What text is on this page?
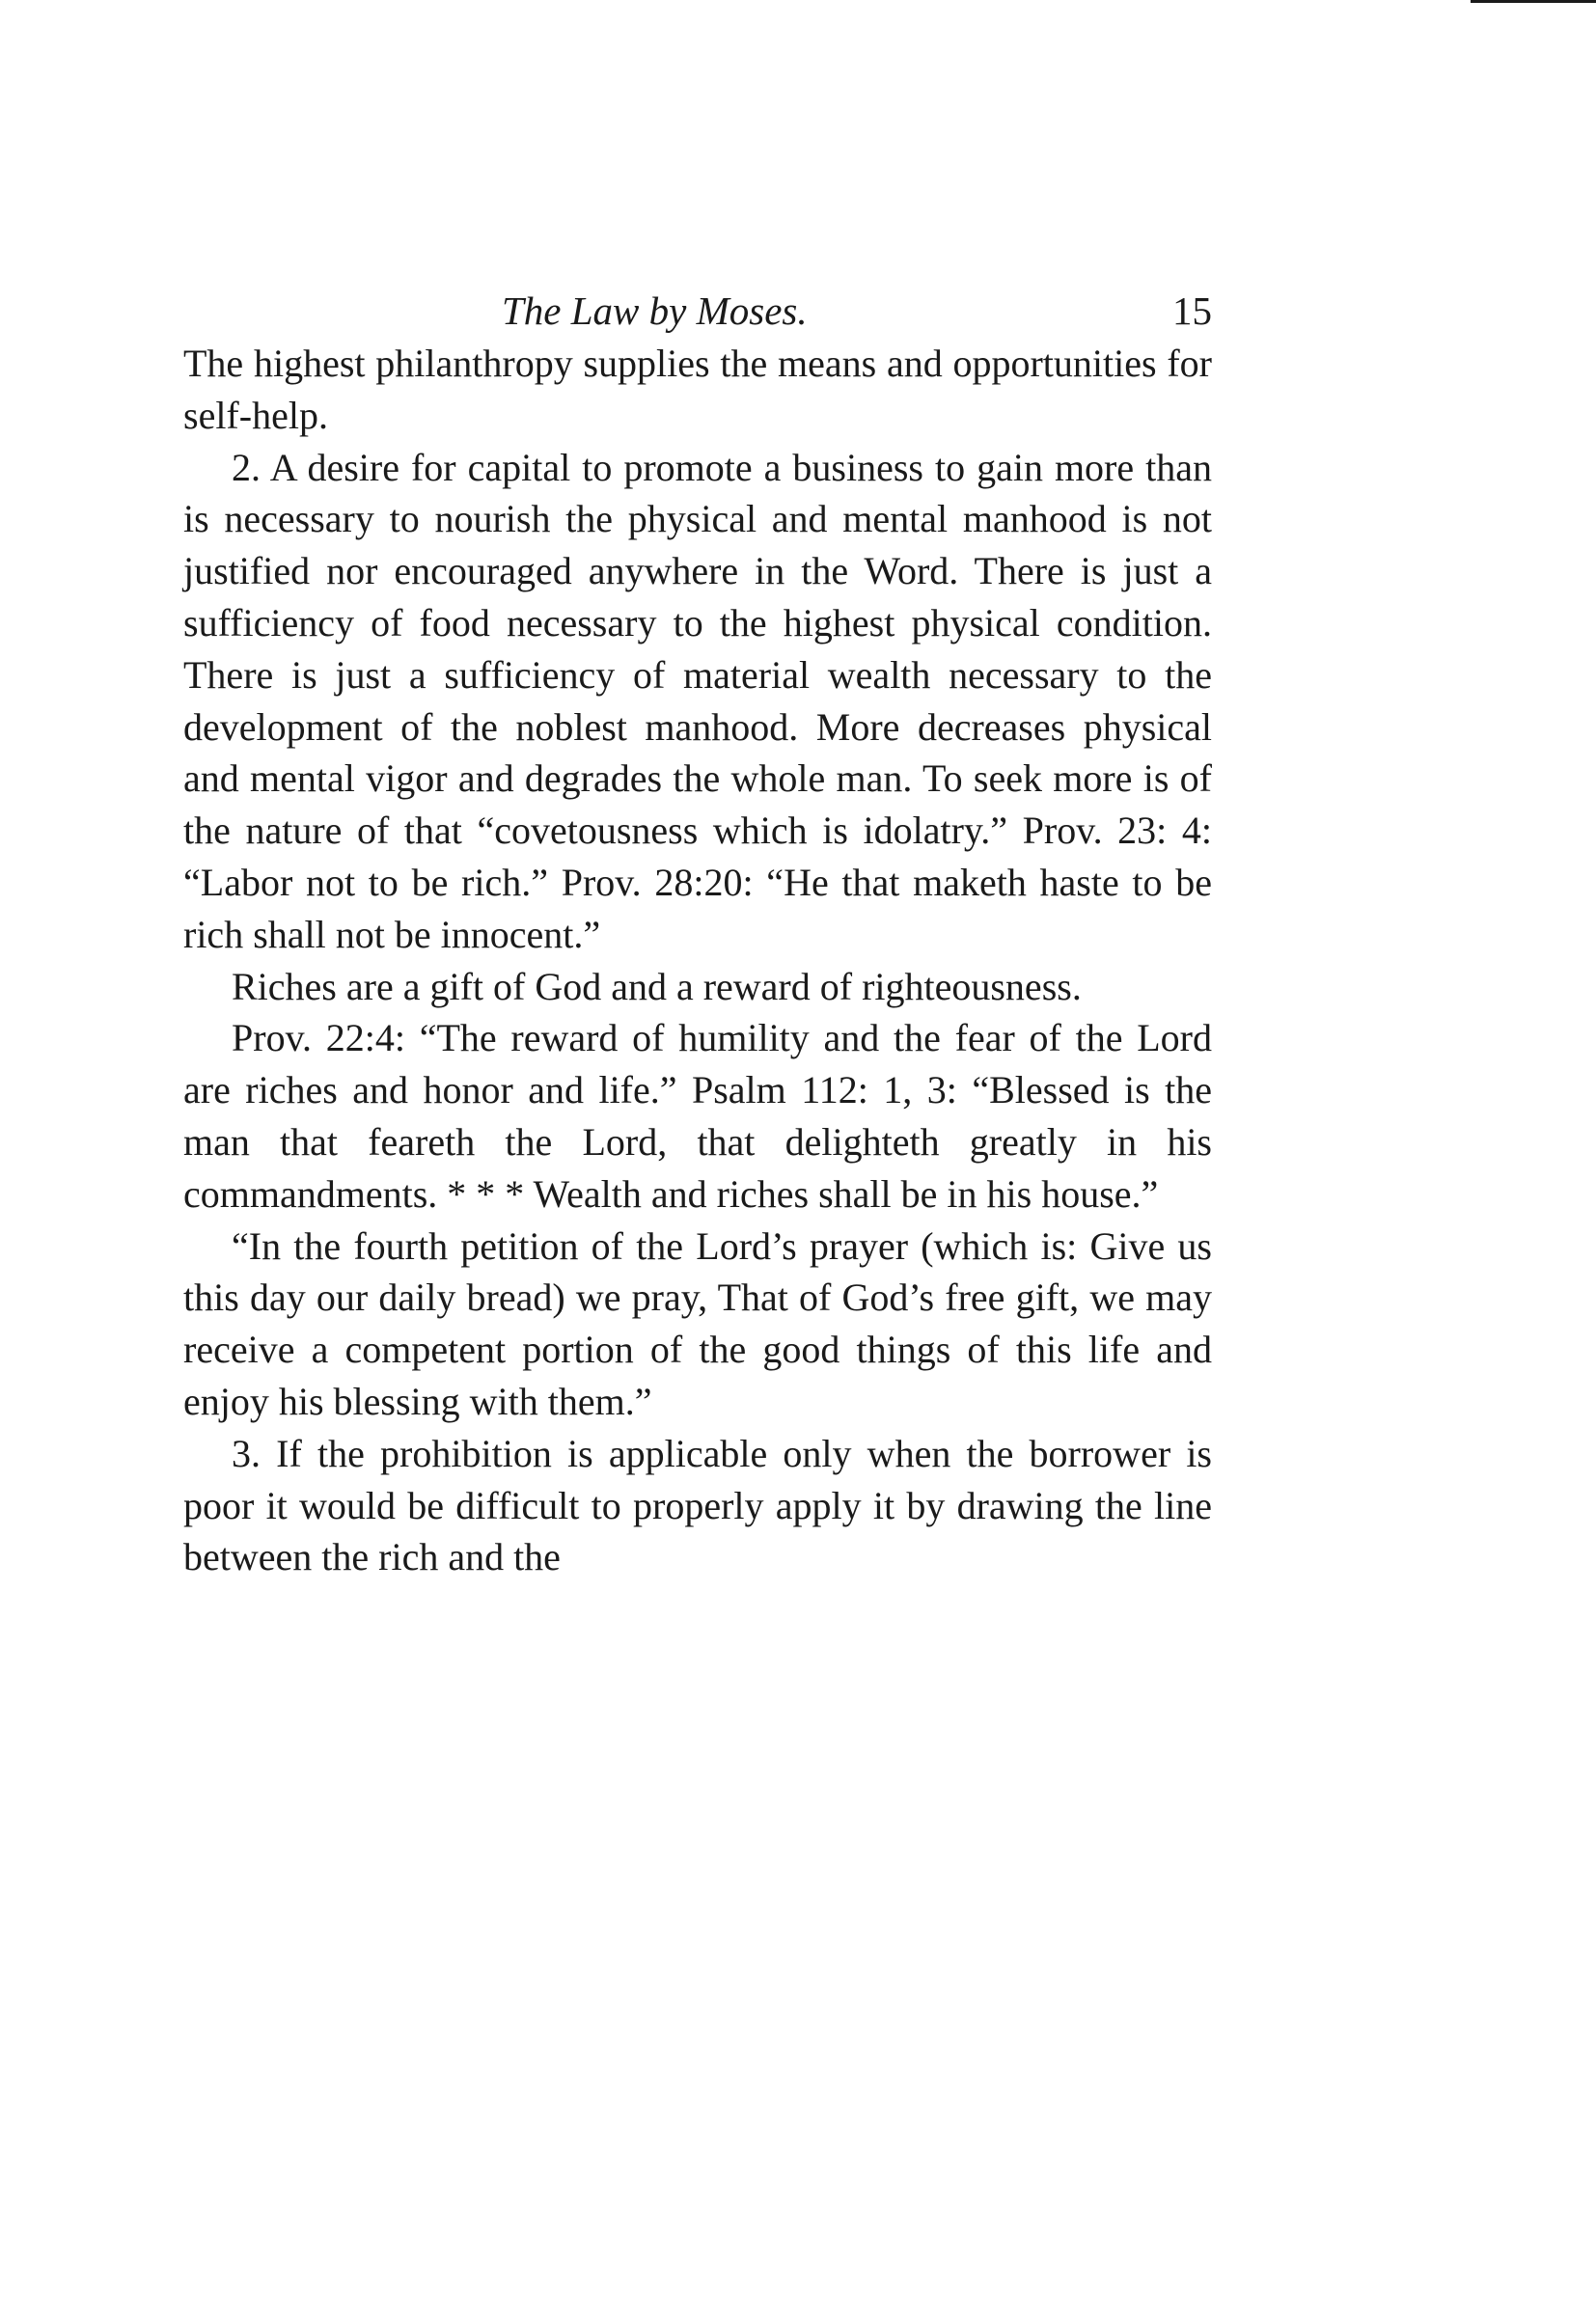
The Law by Moses.	15

The highest philanthropy supplies the means and opportunities for self-help.

2. A desire for capital to promote a business to gain more than is necessary to nourish the physical and mental manhood is not justified nor encouraged anywhere in the Word. There is just a sufficiency of food necessary to the highest physical condition. There is just a sufficiency of material wealth necessary to the development of the noblest manhood. More decreases physical and mental vigor and degrades the whole man. To seek more is of the nature of that “covetousness which is idolatry.” Prov. 23: 4: “Labor not to be rich.” Prov. 28:20: “He that maketh haste to be rich shall not be innocent.”

Riches are a gift of God and a reward of righteousness.

Prov. 22:4: “The reward of humility and the fear of the Lord are riches and honor and life.” Psalm 112: 1, 3: “Blessed is the man that feareth the Lord, that delighteth greatly in his commandments. * * * Wealth and riches shall be in his house.”

“In the fourth petition of the Lord’s prayer (which is: Give us this day our daily bread) we pray, That of God’s free gift, we may receive a competent portion of the good things of this life and enjoy his blessing with them.”

3. If the prohibition is applicable only when the borrower is poor it would be difficult to properly apply it by drawing the line between the rich and the
